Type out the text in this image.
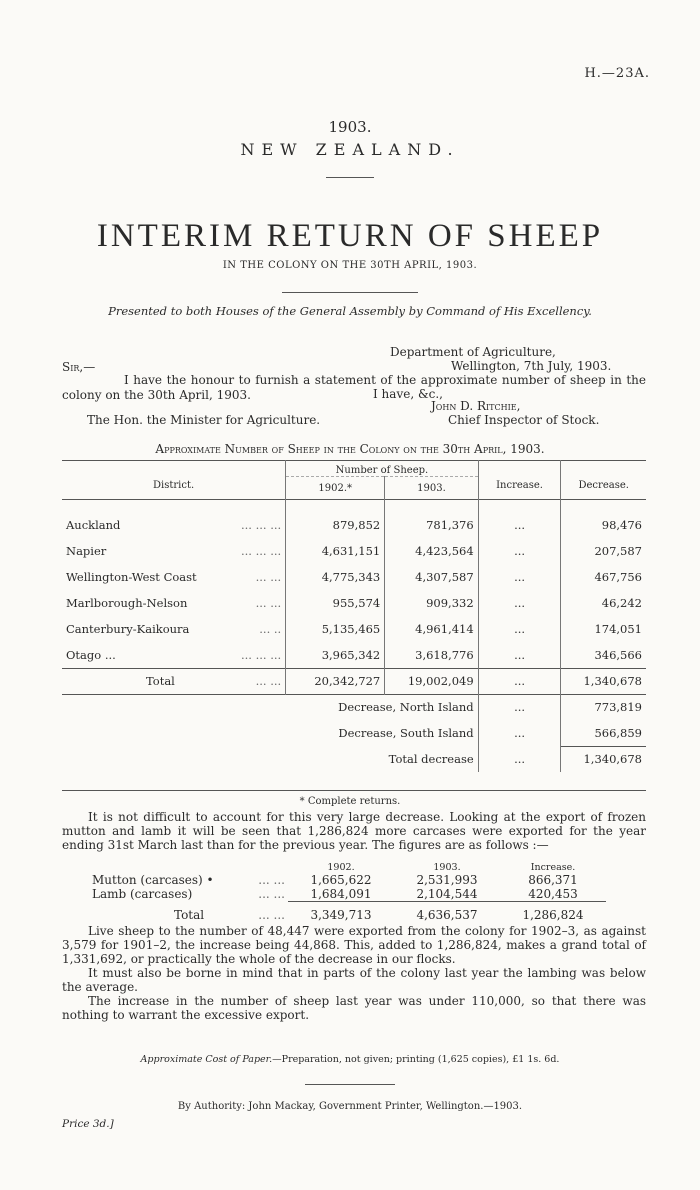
H.—23A.
1903.
NEW ZEALAND.
INTERIM RETURN OF SHEEP
IN THE COLONY ON THE 30TH APRIL, 1903.
Presented to both Houses of the General Assembly by Command of His Excellency.
Department of Agriculture,
Wellington, 7th July, 1903.
Sir,—
I have the honour to furnish a statement of the approximate number of sheep in the colony on the 30th April, 1903.	I have, &c.,
John D. Ritchie,
The Hon. the Minister for Agriculture.	Chief Inspector of Stock.
Approximate Number of Sheep in the Colony on the 30th April, 1903.
District.	Number of Sheep.		Increase.	Decrease.
	1902.*	1903.		

Auckland ... ... ...	879,852	781,376	...	98,476
Napier ... ... ...	4,631,151	4,423,564	...	207,587
Wellington-West Coast ... ...	4,775,343	4,307,587	...	467,756
Marlborough-Nelson ... ...	955,574	909,332	...	46,242
Canterbury-Kaikoura ... ..	5,135,465	4,961,414	...	174,051
Otago ... ... ... ...	3,965,342	3,618,776	...	346,566
Total ... ...	20,342,727	19,002,049	...	1,340,678
	Decrease, North Island		...	773,819
	Decrease, South Island		...	566,859
	Total decrease		...	1,340,678
* Complete returns.
It is not difficult to account for this very large decrease. Looking at the export of frozen mutton and lamb it will be seen that 1,286,824 more carcases were exported for the year ending 31st March last than for the previous year. The figures are as follows :—
	1902.	1903.	Increase.	
Mutton (carcases) • ... ...	1,665,622	2,531,993	866,371	
Lamb (carcases) ... ...	1,684,091	2,104,544	420,453	
Total ... ...	3,349,713	4,636,537	1,286,824	
Live sheep to the number of 48,447 were exported from the colony for 1902–3, as against 3,579 for 1901–2, the increase being 44,868. This, added to 1,286,824, makes a grand total of 1,331,692, or practically the whole of the decrease in our flocks.
It must also be borne in mind that in parts of the colony last year the lambing was below the average.
The increase in the number of sheep last year was under 110,000, so that there was nothing to warrant the excessive export.
Approximate Cost of Paper.—Preparation, not given; printing (1,625 copies), £1 1s. 6d.
By Authority: John Mackay, Government Printer, Wellington.—1903.
Price 3d.]
